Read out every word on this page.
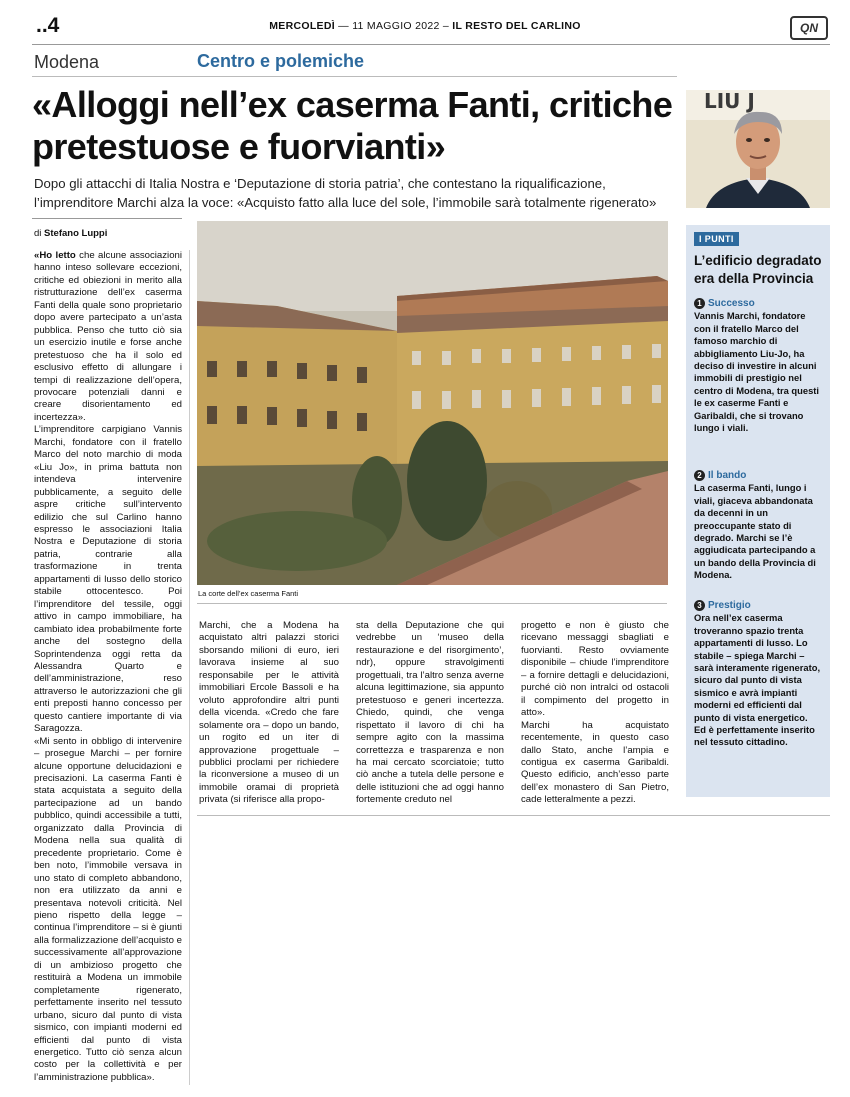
..4	MERCOLEDÌ — 11 MAGGIO 2022 – IL RESTO DEL CARLINO	QN
Modena	Centro e polemiche
«Alloggi nell’ex caserma Fanti, critiche pretestuose e fuorvianti»

Dopo gli attacchi di Italia Nostra e ‘Deputazione di storia patria’, che contestano la riqualificazione, l’imprenditore Marchi alza la voce: «Acquisto fatto alla luce del sole, l’immobile sarà totalmente rigenerato»

di Stefano Luppi
LIU J
La corte dell’ex caserma Fanti

«Ho letto che alcune associazioni hanno inteso sollevare eccezioni, critiche ed obiezioni in merito alla ristrutturazione dell’ex caserma Fanti della quale sono proprietario dopo avere partecipato a un’asta pubblica. Penso che tutto ciò sia un esercizio inutile e forse anche pretestuoso che ha il solo ed esclusivo effetto di allungare i tempi di realizzazione dell’opera, provocare potenziali danni e creare disorientamento ed incertezza».

L’imprenditore carpigiano Vannis Marchi, fondatore con il fratello Marco del noto marchio di moda «Liu Jo», in prima battuta non intendeva intervenire pubblicamente, a seguito delle aspre critiche sull’intervento edilizio che sul Carlino hanno espresso le associazioni Italia Nostra e Deputazione di storia patria, contrarie alla trasformazione in trenta appartamenti di lusso dello storico stabile ottocentesco. Poi l’imprenditore del tessile, oggi attivo in campo immobiliare, ha cambiato idea probabilmente forte anche del sostegno della Soprintendenza oggi retta da Alessandra Quarto e dell’amministrazione, reso attraverso le autorizzazioni che gli enti preposti hanno concesso per questo cantiere importante di via Saragozza.

«Mi sento in obbligo di intervenire – prosegue Marchi – per fornire alcune opportune delucidazioni e precisazioni. La caserma Fanti è stata acquistata a seguito della partecipazione ad un bando pubblico, quindi accessibile a tutti, organizzato dalla Provincia di Modena nella sua qualità di precedente proprietario. Come è ben noto, l’immobile versava in uno stato di completo abbandono, non era utilizzato da anni e presentava notevoli criticità. Nel pieno rispetto della legge – continua l’imprenditore – si è giunti alla formalizzazione dell’acquisto e successivamente all’approvazione di un ambizioso progetto che restituirà a Modena un immobile completamente rigenerato, perfettamente inserito nel tessuto urbano, sicuro dal punto di vista sismico, con impianti moderni ed efficienti dal punto di vista energetico. Tutto ciò senza alcun costo per la collettività e per l’amministrazione pubblica».

Marchi, che a Modena ha acquistato altri palazzi storici sborsando milioni di euro, ieri lavorava insieme al suo responsabile per le attività immobiliari Ercole Bassoli e ha voluto approfondire altri punti della vicenda. «Credo che fare solamente ora – dopo un bando, un rogito ed un iter di approvazione progettuale – pubblici proclami per richiedere la riconversione a museo di un immobile oramai di proprietà privata (si riferisce alla propo-

sta della Deputazione che qui vedrebbe un ‘museo della restaurazione e del risorgimento’, ndr), oppure stravolgimenti progettuali, tra l’altro senza averne alcuna legittimazione, sia appunto pretestuoso e generi incertezza. Chiedo, quindi, che venga rispettato il lavoro di chi ha sempre agito con la massima correttezza e trasparenza e non ha mai cercato scorciatoie; tutto ciò anche a tutela delle persone e delle istituzioni che ad oggi hanno fortemente creduto nel

progetto e non è giusto che ricevano messaggi sbagliati e fuorvianti. Resto ovviamente disponibile – chiude l’imprenditore – a fornire dettagli e delucidazioni, purché ciò non intralci od ostacoli il compimento del progetto in atto».

Marchi ha acquistato recentemente, in questo caso dallo Stato, anche l’ampia e contigua ex caserma Garibaldi. Questo edificio, anch’esso parte dell’ex monastero di San Pietro, cade letteralmente a pezzi.

I PUNTI
L’edificio degradato era della Provincia
1 Successo
Vannis Marchi, fondatore con il fratello Marco del famoso marchio di abbigliamento Liu-Jo, ha deciso di investire in alcuni immobili di prestigio nel centro di Modena, tra questi le ex caserme Fanti e Garibaldi, che si trovano lungo i viali.
2 Il bando
La caserma Fanti, lungo i viali, giaceva abbandonata da decenni in un preoccupante stato di degrado. Marchi se l’è aggiudicata partecipando a un bando della Provincia di Modena.
3 Prestigio
Ora nell’ex caserma troveranno spazio trenta appartamenti di lusso. Lo stabile – spiega Marchi – sarà interamente rigenerato, sicuro dal punto di vista sismico e avrà impianti moderni ed efficienti dal punto di vista energetico. Ed è perfettamente inserito nel tessuto cittadino.
